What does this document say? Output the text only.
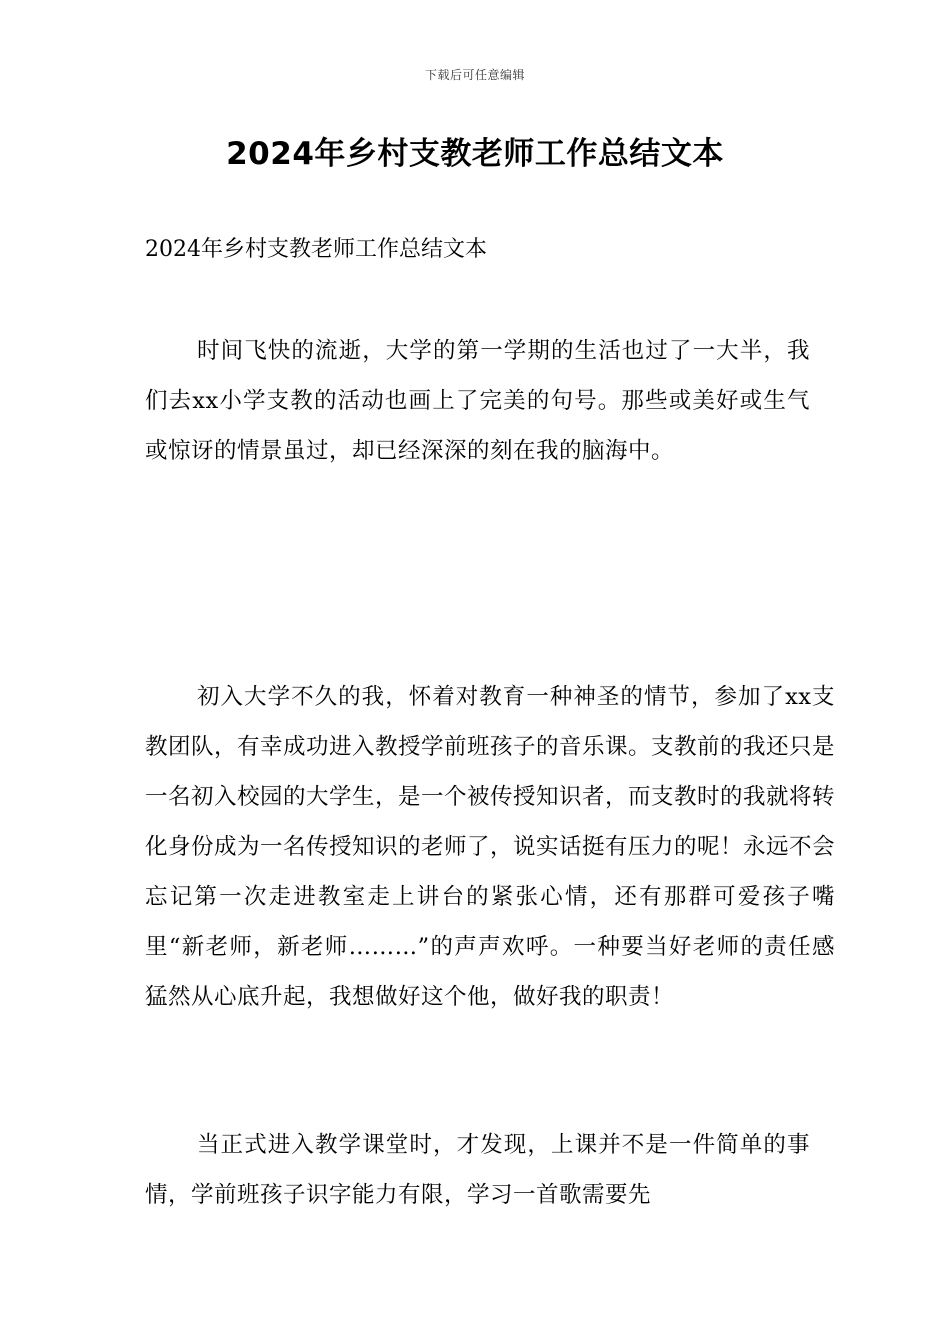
下载后可任意编辑
2024年乡村支教老师工作总结文本

2024年乡村支教老师工作总结文本

时间飞快的流逝，大学的第一学期的生活也过了一大半，我们去xx小学支教的活动也画上了完美的句号。那些或美好或生气或惊讶的情景虽过，却已经深深的刻在我的脑海中。

初入大学不久的我，怀着对教育一种神圣的情节，参加了xx支教团队，有幸成功进入教授学前班孩子的音乐课。支教前的我还只是一名初入校园的大学生，是一个被传授知识者，而支教时的我就将转化身份成为一名传授知识的老师了，说实话挺有压力的呢！永远不会忘记第一次走进教室走上讲台的紧张心情，还有那群可爱孩子嘴里“新老师，新老师………”的声声欢呼。一种要当好老师的责任感猛然从心底升起，我想做好这个他，做好我的职责！

当正式进入教学课堂时，才发现，上课并不是一件简单的事情，学前班孩子识字能力有限，学习一首歌需要先
